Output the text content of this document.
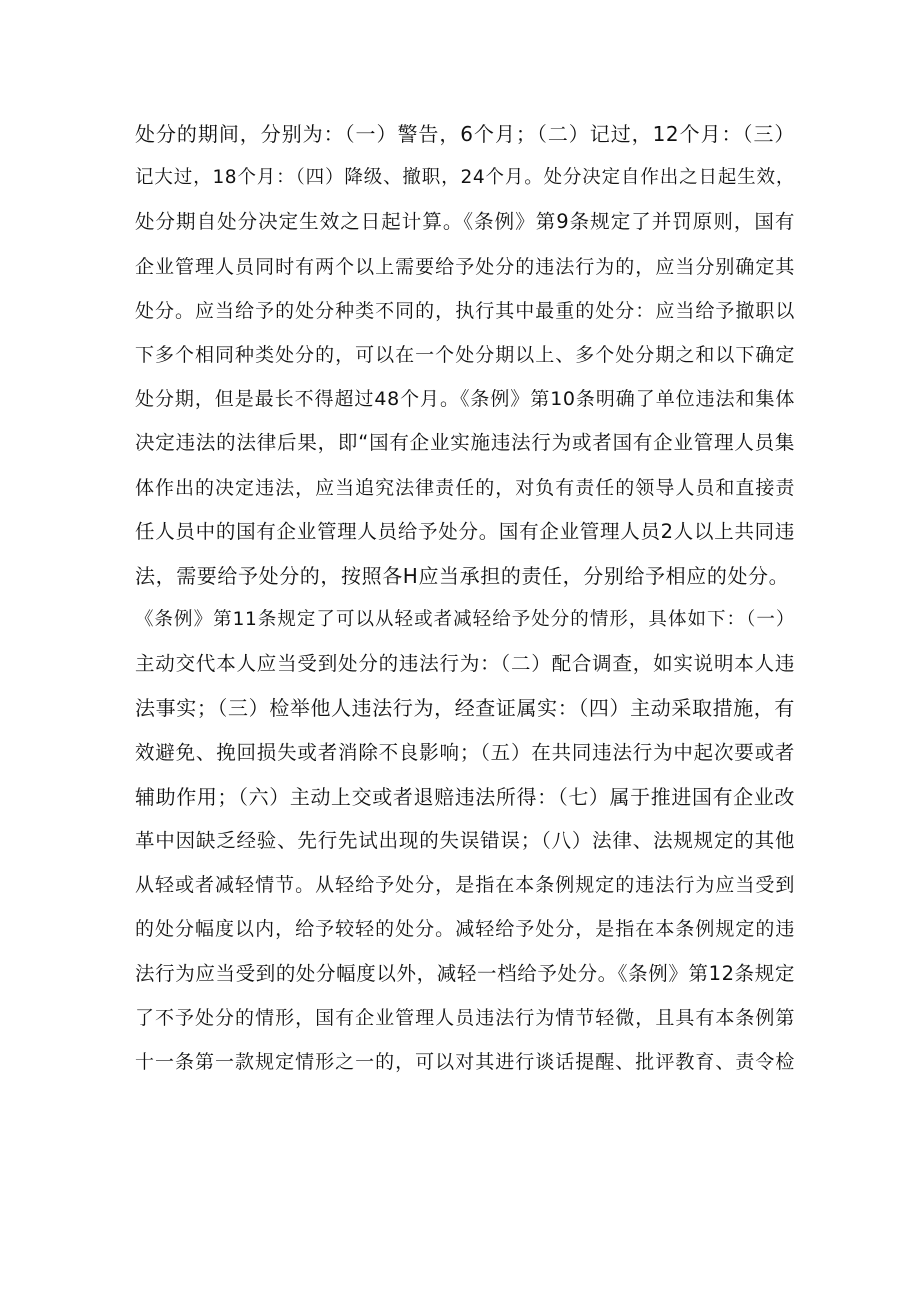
处分的期间，分别为：（一）警告，6个月；（二）记过，12个月：（三）
记大过，18个月：（四）降级、撤职，24个月。处分决定自作出之日起生效，
处分期自处分决定生效之日起计算。《条例》第9条规定了并罚原则，国有
企业管理人员同时有两个以上需要给予处分的违法行为的，应当分别确定其
处分。应当给予的处分种类不同的，执行其中最重的处分：应当给予撤职以
下多个相同种类处分的，可以在一个处分期以上、多个处分期之和以下确定
处分期，但是最长不得超过48个月。《条例》第10条明确了单位违法和集体
决定违法的法律后果，即“国有企业实施违法行为或者国有企业管理人员集
体作出的决定违法，应当追究法律责任的，对负有责任的领导人员和直接责
任人员中的国有企业管理人员给予处分。国有企业管理人员2人以上共同违
法，需要给予处分的，按照各H应当承担的责任，分别给予相应的处分。
《条例》第11条规定了可以从轻或者减轻给予处分的情形，具体如下：（一）
主动交代本人应当受到处分的违法行为：（二）配合调查，如实说明本人违
法事实；（三）检举他人违法行为，经查证属实：（四）主动采取措施，有
效避免、挽回损失或者消除不良影响；（五）在共同违法行为中起次要或者
辅助作用；（六）主动上交或者退赔违法所得：（七）属于推进国有企业改
革中因缺乏经验、先行先试出现的失误错误；（八）法律、法规规定的其他
从轻或者减轻情节。从轻给予处分，是指在本条例规定的违法行为应当受到
的处分幅度以内，给予较轻的处分。减轻给予处分，是指在本条例规定的违
法行为应当受到的处分幅度以外，减轻一档给予处分。《条例》第12条规定
了不予处分的情形，国有企业管理人员违法行为情节轻微，且具有本条例第
十一条第一款规定情形之一的，可以对其进行谈话提醒、批评教育、责令检
